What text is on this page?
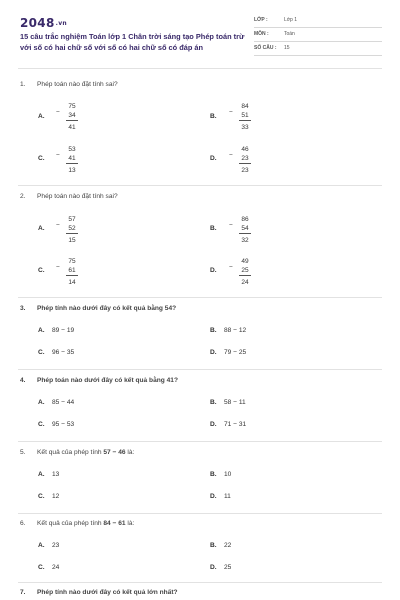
2048.vn
15 câu trắc nghiệm Toán lớp 1 Chân trời sáng tạo Phép toán trừ với số có hai chữ số với số có hai chữ số có đáp án
LỚP :	Lớp 1
MÔN :	Toán
SỐ CÂU : 15
1. Phép toán nào đặt tính sai?
A.
−
75
34
41
B.
−
84
51
33
C. −
53
41
13
D. −
46
23
23
2. Phép toán nào đặt tính sai?
A. −
57
52
15
B. −
86
54
32
C. −
75
61
14
D. −
49
25
24
3. Phép tính nào dưới đây có kết quả bằng 54?
A. 89 − 19	B. 88 − 12
C. 96 − 35	D. 79 − 25
4. Phép toán nào dưới đây có kết quả bằng 41?
A. 85 − 44	B. 58 − 11
C. 95 − 53	D. 71 − 31
5. Kết quả của phép tính 57 − 46 là:
A. 13	B. 10
C. 12	D. 11
6. Kết quả của phép tính 84 − 61 là:
A. 23	B. 22
C. 24	D. 25
7. Phép tính nào dưới đây có kết quả lớn nhất?
